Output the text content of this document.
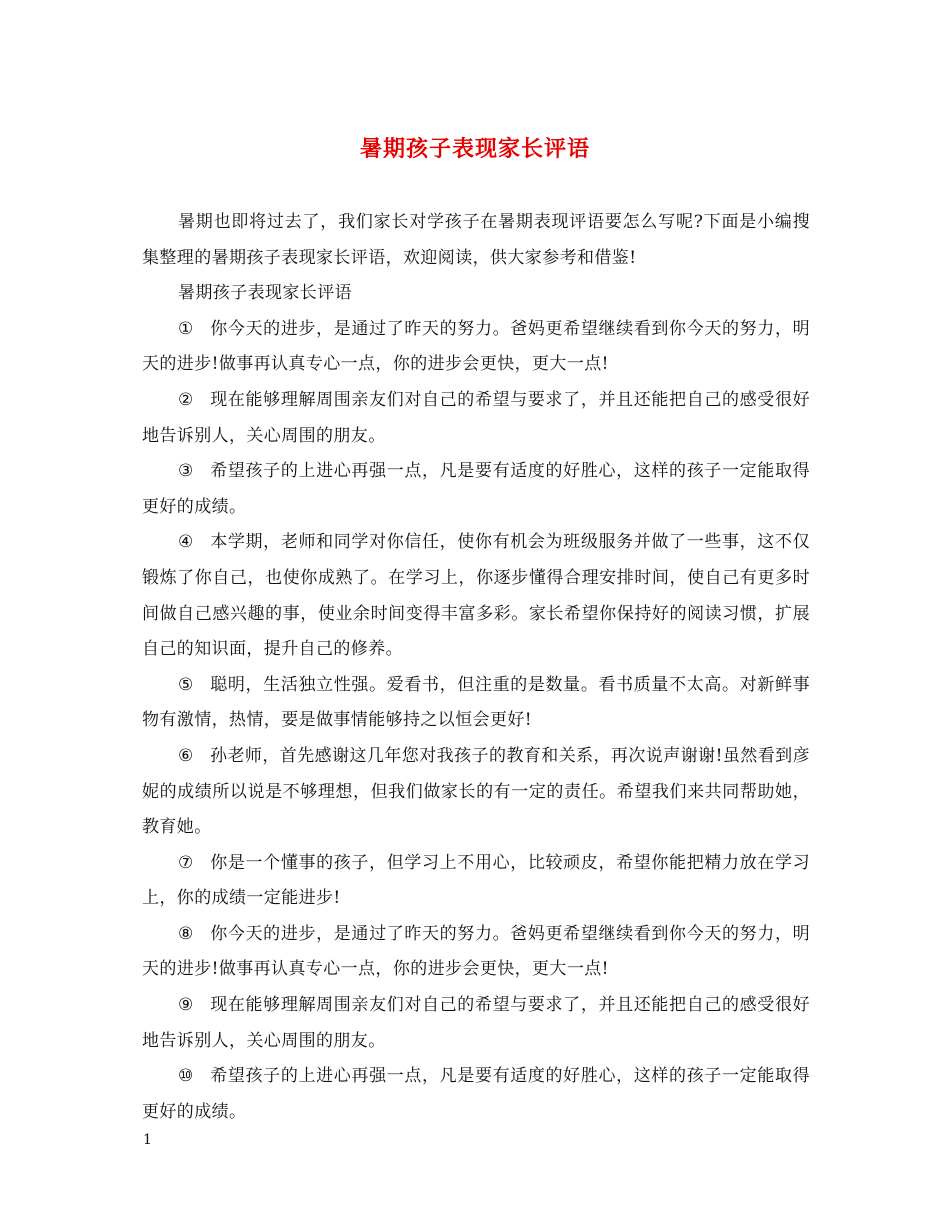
暑期孩子表现家长评语

暑期也即将过去了，我们家长对学孩子在暑期表现评语要怎么写呢?下面是小编搜集整理的暑期孩子表现家长评语，欢迎阅读，供大家参考和借鉴!

暑期孩子表现家长评语

① 你今天的进步，是通过了昨天的努力。爸妈更希望继续看到你今天的努力，明天的进步!做事再认真专心一点，你的进步会更快，更大一点!

② 现在能够理解周围亲友们对自己的希望与要求了，并且还能把自己的感受很好地告诉别人，关心周围的朋友。

③ 希望孩子的上进心再强一点，凡是要有适度的好胜心，这样的孩子一定能取得更好的成绩。

④ 本学期，老师和同学对你信任，使你有机会为班级服务并做了一些事，这不仅锻炼了你自己，也使你成熟了。在学习上，你逐步懂得合理安排时间，使自己有更多时间做自己感兴趣的事，使业余时间变得丰富多彩。家长希望你保持好的阅读习惯，扩展自己的知识面，提升自己的修养。

⑤ 聪明，生活独立性强。爱看书，但注重的是数量。看书质量不太高。对新鲜事物有激情，热情，要是做事情能够持之以恒会更好!

⑥ 孙老师，首先感谢这几年您对我孩子的教育和关系，再次说声谢谢!虽然看到彦妮的成绩所以说是不够理想，但我们做家长的有一定的责任。希望我们来共同帮助她，教育她。

⑦ 你是一个懂事的孩子，但学习上不用心，比较顽皮，希望你能把精力放在学习上，你的成绩一定能进步!

⑧ 你今天的进步，是通过了昨天的努力。爸妈更希望继续看到你今天的努力，明天的进步!做事再认真专心一点，你的进步会更快，更大一点!

⑨ 现在能够理解周围亲友们对自己的希望与要求了，并且还能把自己的感受很好地告诉别人，关心周围的朋友。

⑩ 希望孩子的上进心再强一点，凡是要有适度的好胜心，这样的孩子一定能取得更好的成绩。

1
